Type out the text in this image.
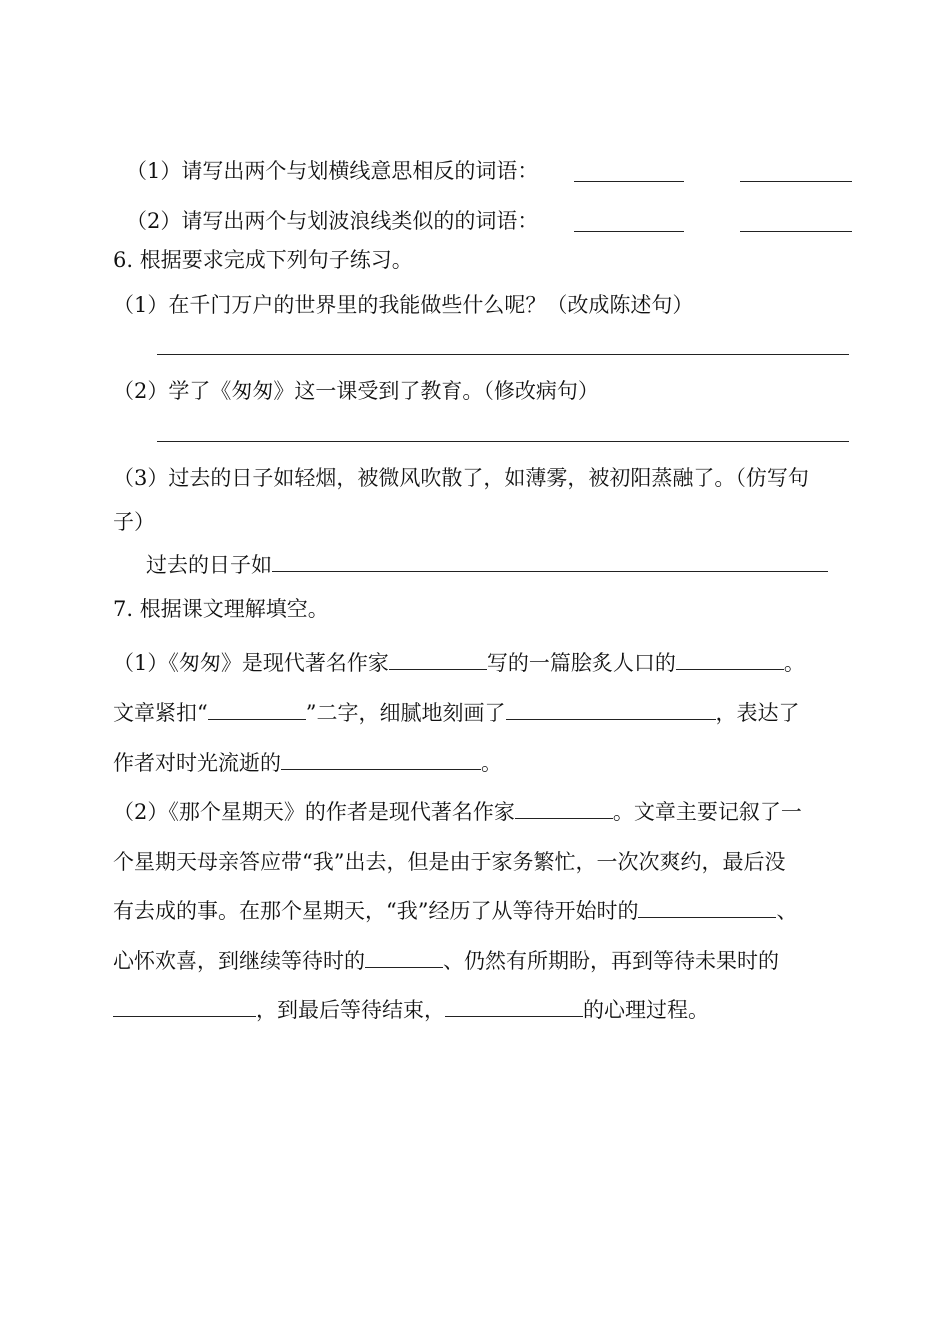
（1）请写出两个与划横线意思相反的词语：
（2）请写出两个与划波浪线类似的的词语：
6. 根据要求完成下列句子练习。
（1）在千门万户的世界里的我能做些什么呢？（改成陈述句）
（2）学了《匆匆》这一课受到了教育。（修改病句）
（3）过去的日子如轻烟，被微风吹散了，如薄雾，被初阳蒸融了。（仿写句
子）
过去的日子如
7. 根据课文理解填空。
（1）《匆匆》是现代著名作家	写的一篇脍炙人口的	。
文章紧扣“	”二字，细腻地刻画了	，表达了
作者对时光流逝的	。
（2）《那个星期天》的作者是现代著名作家	。文章主要记叙了一
个星期天母亲答应带“我”出去，但是由于家务繁忙，一次次爽约，最后没
有去成的事。在那个星期天，“我”经历了从等待开始时的	、
心怀欢喜，到继续等待时的	、仍然有所期盼，再到等待未果时的
，到最后等待结束，	的心理过程。
